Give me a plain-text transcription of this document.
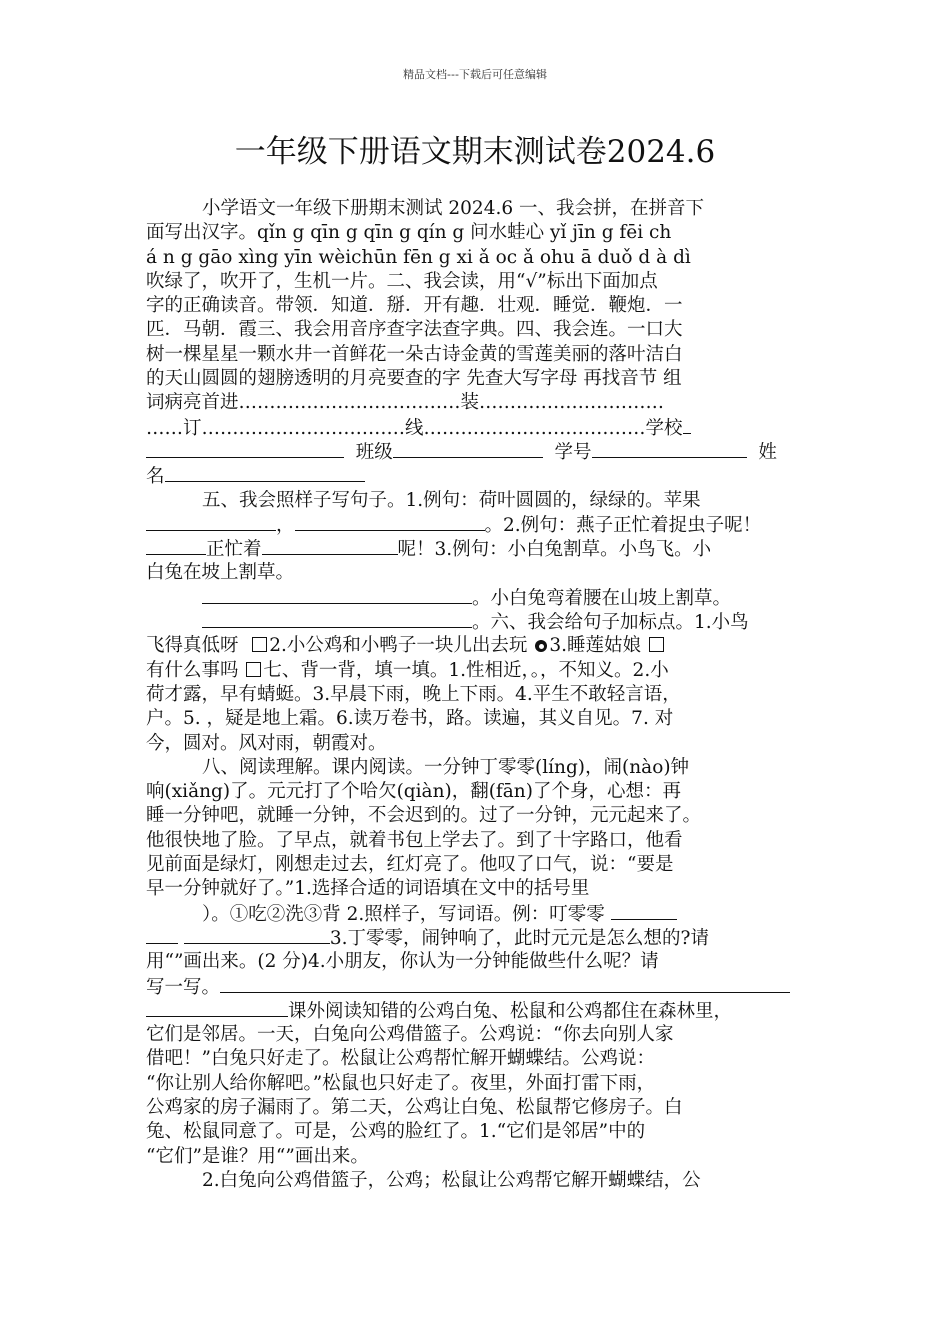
精品文档---下载后可任意编辑
一年级下册语文期末测试卷2024.6
小学语文一年级下册期末测试 2024.6 一、我会拼，在拼音下
面写出汉字。qǐn g qīn g qīn g qín g 问水蛙心 yǐ jīn g fēi ch
á n g gāo xìng yīn wèichūn fēn g xi ǎ oc ǎ ohu ā duǒ d à dì
吹绿了，吹开了，生机一片。二、我会读，用“√”标出下面加点
字的正确读音。带领．知道．掰．开有趣．壮观．睡觉．鞭炮．一
匹．马朝．霞三、我会用音序查字法查字典。四、我会连。一口大
树一棵星星一颗水井一首鲜花一朵古诗金黄的雪莲美丽的落叶洁白
的天山圆圆的翅膀透明的月亮要查的字 先查大写字母 再找音节 组
词病亮首进………………………………装…………………………
……订……………………………线………………………………学校
班级	学号	姓
名
五、我会照样子写句子。1.例句：荷叶圆圆的，绿绿的。苹果
，	。2.例句：燕子正忙着捉虫子呢！
正忙着	呢！3.例句：小白兔割草。小鸟飞。小
白兔在坡上割草。
。小白兔弯着腰在山坡上割草。
。六、我会给句子加标点。1.小鸟
飞得真低呀 2.小公鸡和小鸭子一块儿出去玩 3.睡莲姑娘
有什么事吗 七、背一背，填一填。1.性相近，。，不知义。2.小
荷才露，早有蜻蜓。3.早晨下雨，晚上下雨。4.平生不敢轻言语，
户。5. ，疑是地上霜。6.读万卷书，路。读遍，其义自见。7. 对
今，圆对。风对雨，朝霞对。
八、阅读理解。课内阅读。一分钟丁零零(líng)，闹(nào)钟
响(xiǎng)了。元元打了个哈欠(qiàn)，翻(fān)了个身，心想：再
睡一分钟吧，就睡一分钟，不会迟到的。过了一分钟，元元起来了。
他很快地了脸。了早点，就着书包上学去了。到了十字路口，他看
见前面是绿灯，刚想走过去，红灯亮了。他叹了口气，说：“要是
早一分钟就好了。”1.选择合适的词语填在文中的括号里
）。①吃②洗③背 2.照样子，写词语。例：叮零零
3.丁零零，闹钟响了，此时元元是怎么想的?请
用“”画出来。(2 分)4.小朋友，你认为一分钟能做些什么呢？请
写一写。
课外阅读知错的公鸡白兔、松鼠和公鸡都住在森林里，
它们是邻居。一天，白兔向公鸡借篮子。公鸡说：“你去向别人家
借吧！”白兔只好走了。松鼠让公鸡帮忙解开蝴蝶结。公鸡说：
“你让别人给你解吧。”松鼠也只好走了。夜里，外面打雷下雨，
公鸡家的房子漏雨了。第二天，公鸡让白兔、松鼠帮它修房子。白
兔、松鼠同意了。可是，公鸡的脸红了。1.“它们是邻居”中的
“它们”是谁？用“”画出来。
2.白兔向公鸡借篮子，公鸡；松鼠让公鸡帮它解开蝴蝶结，公
